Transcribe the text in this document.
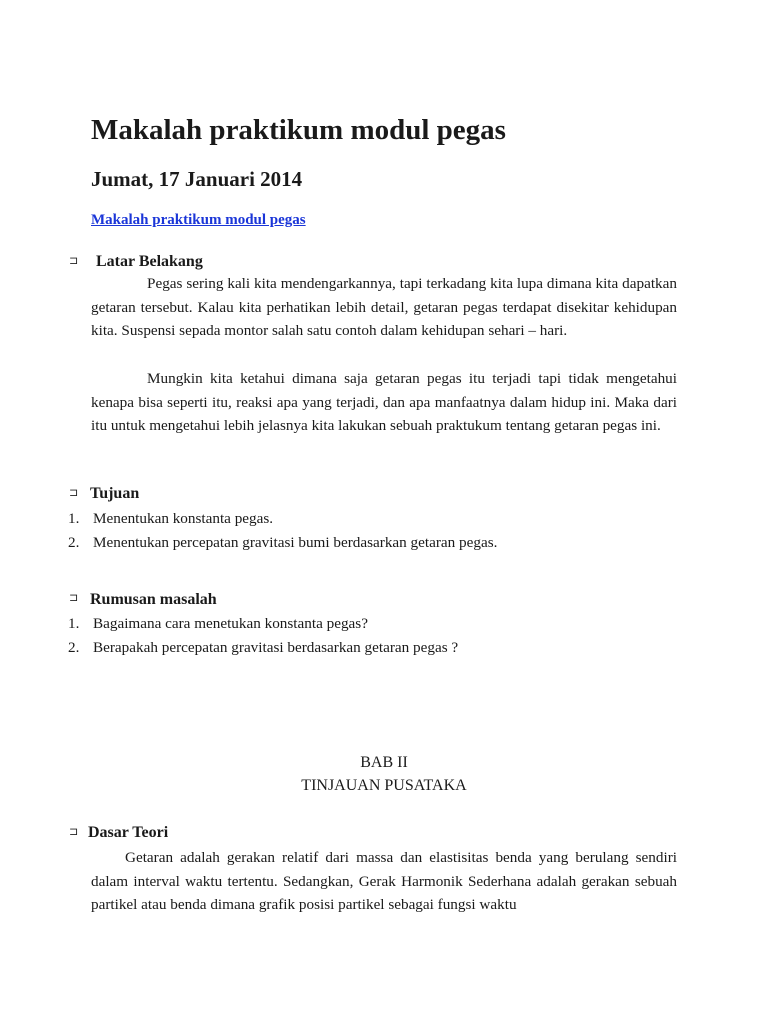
Makalah praktikum modul pegas
Jumat, 17 Januari 2014
Makalah praktikum modul pegas
⊐ Latar Belakang

Pegas sering kali kita mendengarkannya, tapi terkadang kita lupa dimana kita dapatkan getaran tersebut. Kalau kita perhatikan lebih detail, getaran pegas terdapat disekitar kehidupan kita. Suspensi sepada montor salah satu contoh dalam kehidupan sehari – hari.

Mungkin kita ketahui dimana saja getaran pegas itu terjadi tapi tidak mengetahui kenapa bisa seperti itu, reaksi apa yang terjadi, dan apa manfaatnya dalam hidup ini. Maka dari itu untuk mengetahui lebih jelasnya kita lakukan sebuah praktukum tentang getaran pegas ini.

⊐ Tujuan
1. Menentukan konstanta pegas.
2. Menentukan percepatan gravitasi bumi berdasarkan getaran pegas.
⊐ Rumusan masalah
1. Bagaimana cara menetukan konstanta pegas?
2. Berapakah percepatan gravitasi berdasarkan getaran pegas ?
BAB II
TINJAUAN PUSATAKA
⊐ Dasar Teori

Getaran adalah gerakan relatif dari massa dan elastisitas benda yang berulang sendiri dalam interval waktu tertentu. Sedangkan, Gerak Harmonik Sederhana adalah gerakan sebuah partikel atau benda dimana grafik posisi partikel sebagai fungsi waktu
